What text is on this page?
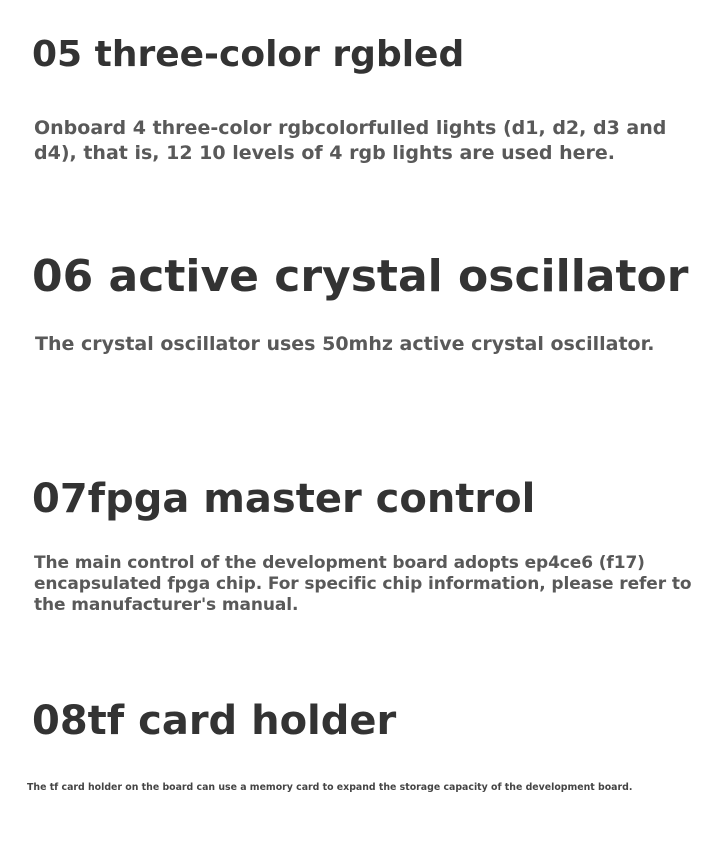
05 three-color rgbled

Onboard 4 three-color rgbcolorfulled lights (d1, d2, d3 and d4), that is, 12 10 levels of 4 rgb lights are used here.

06 active crystal oscillator

The crystal oscillator uses 50mhz active crystal oscillator.

07fpga master control

The main control of the development board adopts ep4ce6 (f17) encapsulated fpga chip. For specific chip information, please refer to the manufacturer's manual.

08tf card holder

The tf card holder on the board can use a memory card to expand the storage capacity of the development board.
